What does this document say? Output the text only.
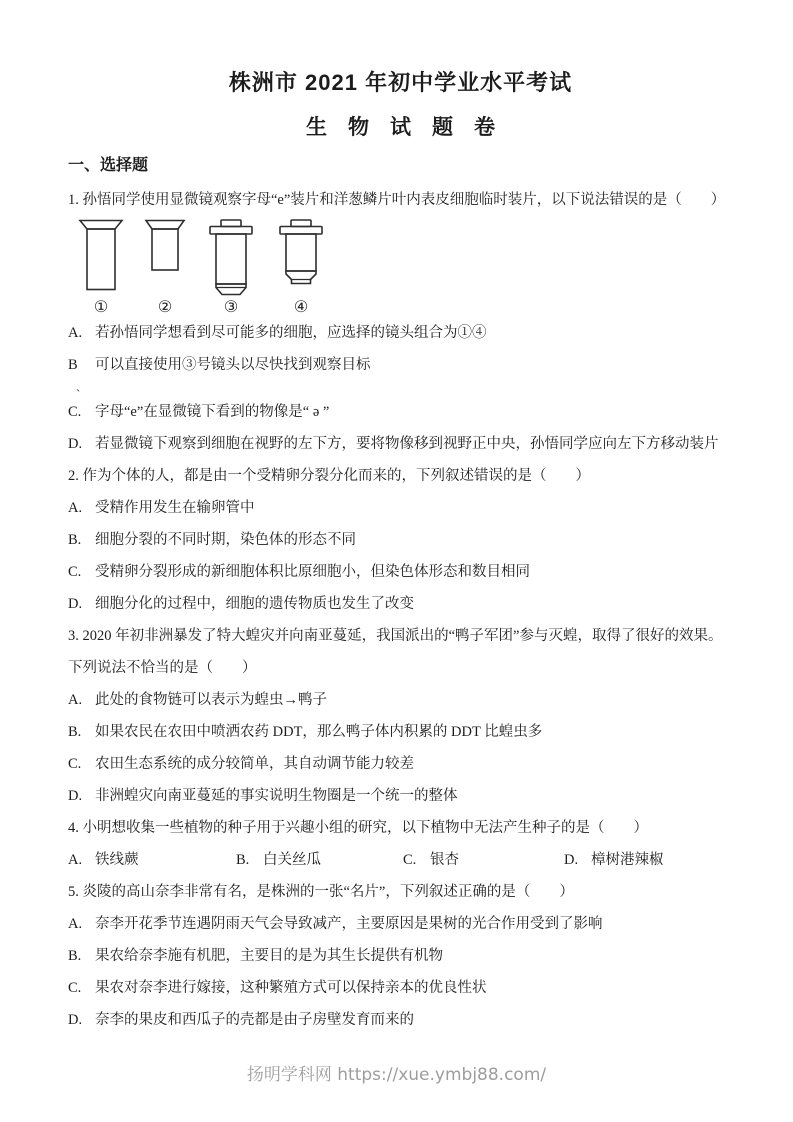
株洲市 2021 年初中学业水平考试
生　物　试　题　卷
一、选择题

1. 孙悟同学使用显微镜观察字母“e”装片和洋葱鳞片叶内表皮细胞临时装片，以下说法错误的是（　　）

①	②	③	④

A. 若孙悟同学想看到尽可能多的细胞，应选择的镜头组合为①④

B 可以直接使用③号镜头以尽快找到观察目标

ˎ

C. 字母“e”在显微镜下看到的物像是“ ə ”

D. 若显微镜下观察到细胞在视野的左下方，要将物像移到视野正中央，孙悟同学应向左下方移动装片

2. 作为个体的人，都是由一个受精卵分裂分化而来的，下列叙述错误的是（　　）

A. 受精作用发生在输卵管中

B. 细胞分裂的不同时期，染色体的形态不同

C. 受精卵分裂形成的新细胞体积比原细胞小，但染色体形态和数目相同

D. 细胞分化的过程中，细胞的遗传物质也发生了改变

3. 2020 年初非洲暴发了特大蝗灾并向南亚蔓延，我国派出的“鸭子军团”参与灭蝗，取得了很好的效果。下列说法不恰当的是（　　）

A. 此处的食物链可以表示为蝗虫→鸭子

B. 如果农民在农田中喷洒农药 DDT，那么鸭子体内积累的 DDT 比蝗虫多

C. 农田生态系统的成分较简单，其自动调节能力较差

D. 非洲蝗灾向南亚蔓延的事实说明生物圈是一个统一的整体

4. 小明想收集一些植物的种子用于兴趣小组的研究，以下植物中无法产生种子的是（　　）

A. 铁线蕨	B. 白关丝瓜	C. 银杏	D. 樟树港辣椒

5. 炎陵的高山奈李非常有名，是株洲的一张“名片”，下列叙述正确的是（　　）

A. 奈李开花季节连遇阴雨天气会导致减产，主要原因是果树的光合作用受到了影响

B. 果农给奈李施有机肥，主要目的是为其生长提供有机物

C. 果农对奈李进行嫁接，这种繁殖方式可以保持亲本的优良性状

D. 奈李的果皮和西瓜子的壳都是由子房壁发育而来的

扬明学科网 https://xue.ymbj88.com/
